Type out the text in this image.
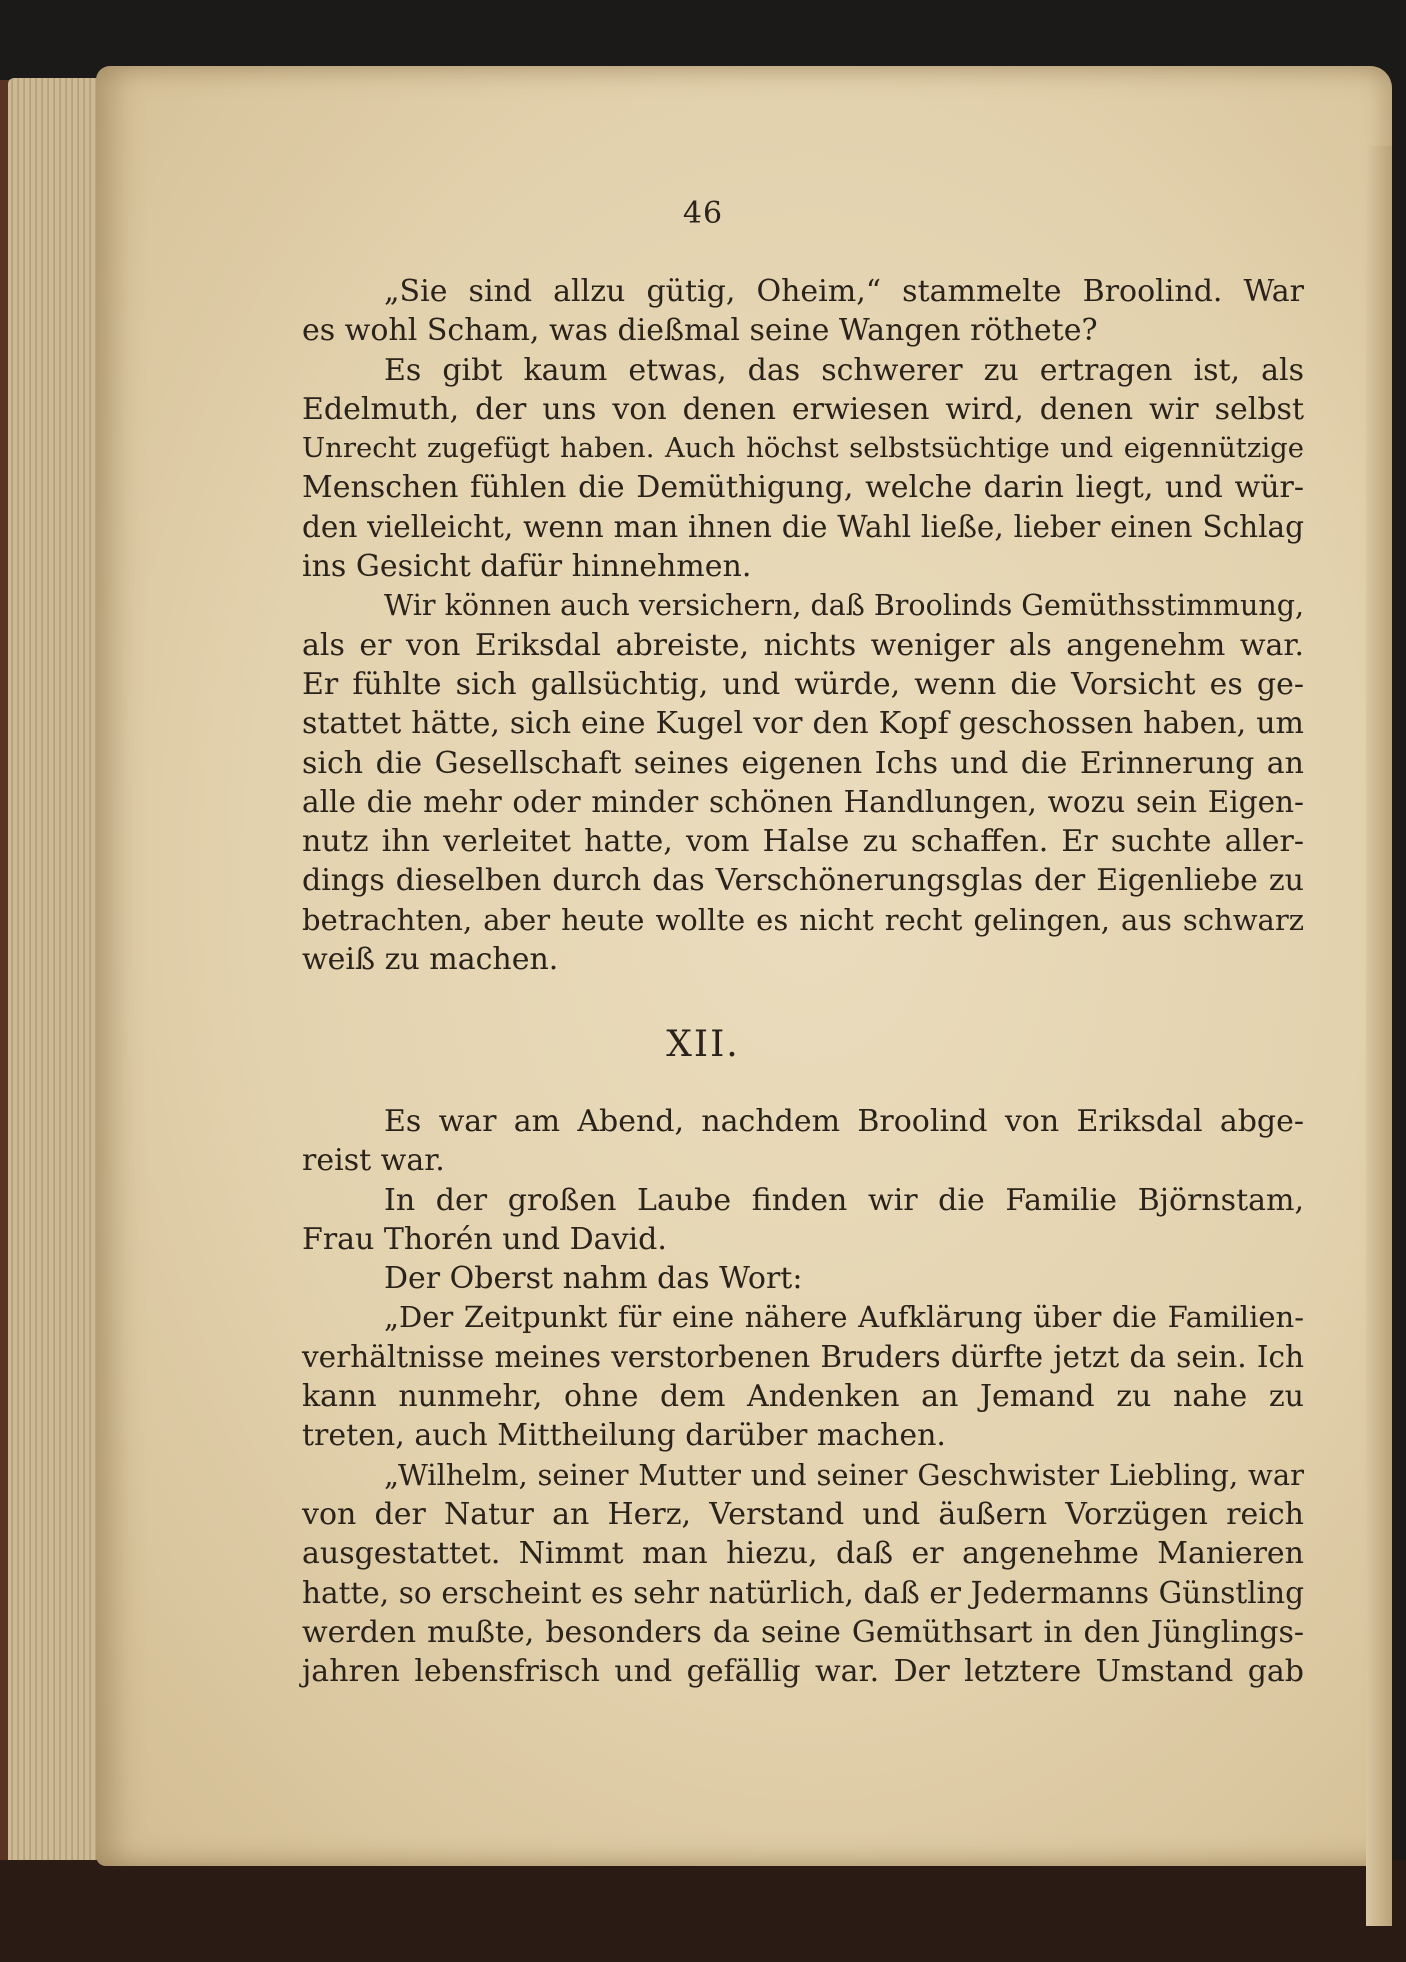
46
„Sie sind allzu gütig, Oheim,“ stammelte Broolind. War
es wohl Scham, was dießmal seine Wangen röthete?
Es gibt kaum etwas, das schwerer zu ertragen ist, als
Edelmuth, der uns von denen erwiesen wird, denen wir selbst
Unrecht zugefügt haben. Auch höchst selbstsüchtige und eigennützige
Menschen fühlen die Demüthigung, welche darin liegt, und wür-
den vielleicht, wenn man ihnen die Wahl ließe, lieber einen Schlag
ins Gesicht dafür hinnehmen.
Wir können auch versichern, daß Broolinds Gemüthsstimmung,
als er von Eriksdal abreiste, nichts weniger als angenehm war.
Er fühlte sich gallsüchtig, und würde, wenn die Vorsicht es ge-
stattet hätte, sich eine Kugel vor den Kopf geschossen haben, um
sich die Gesellschaft seines eigenen Ichs und die Erinnerung an
alle die mehr oder minder schönen Handlungen, wozu sein Eigen-
nutz ihn verleitet hatte, vom Halse zu schaffen. Er suchte aller-
dings dieselben durch das Verschönerungsglas der Eigenliebe zu
betrachten, aber heute wollte es nicht recht gelingen, aus schwarz
weiß zu machen.
XII.
Es war am Abend, nachdem Broolind von Eriksdal abge-
reist war.
In der großen Laube finden wir die Familie Björnstam,
Frau Thorén und David.
Der Oberst nahm das Wort:
„Der Zeitpunkt für eine nähere Aufklärung über die Familien-
verhältnisse meines verstorbenen Bruders dürfte jetzt da sein. Ich
kann nunmehr, ohne dem Andenken an Jemand zu nahe zu
treten, auch Mittheilung darüber machen.
„Wilhelm, seiner Mutter und seiner Geschwister Liebling, war
von der Natur an Herz, Verstand und äußern Vorzügen reich
ausgestattet. Nimmt man hiezu, daß er angenehme Manieren
hatte, so erscheint es sehr natürlich, daß er Jedermanns Günstling
werden mußte, besonders da seine Gemüthsart in den Jünglings-
jahren lebensfrisch und gefällig war. Der letztere Umstand gab
